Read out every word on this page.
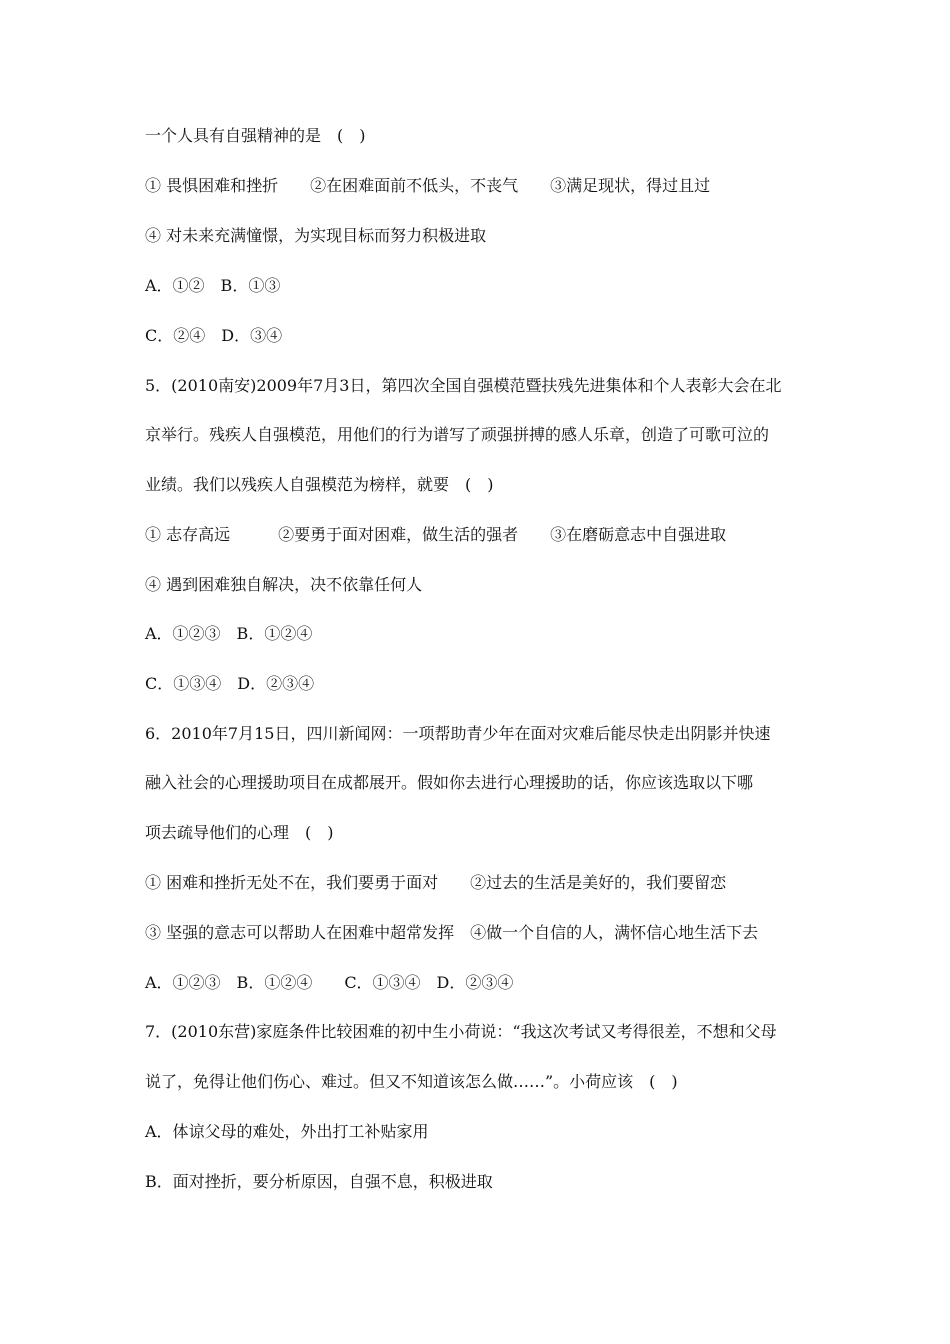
一个人具有自强精神的是　(　)
① 畏惧困难和挫折　　②在困难面前不低头，不丧气　　③满足现状，得过且过
④ 对未来充满憧憬，为实现目标而努力积极进取
A．①②　B．①③
C．②④　D．③④
5．(2010南安)2009年7月3日，第四次全国自强模范暨扶残先进集体和个人表彰大会在北
京举行。残疾人自强模范，用他们的行为谱写了顽强拼搏的感人乐章，创造了可歌可泣的
业绩。我们以残疾人自强模范为榜样，就要　(　)
① 志存高远　　　②要勇于面对困难，做生活的强者　　③在磨砺意志中自强进取
④ 遇到困难独自解决，决不依靠任何人
A．①②③　B．①②④
C．①③④　D．②③④
6．2010年7月15日，四川新闻网：一项帮助青少年在面对灾难后能尽快走出阴影并快速
融入社会的心理援助项目在成都展开。假如你去进行心理援助的话，你应该选取以下哪
项去疏导他们的心理　(　)
① 困难和挫折无处不在，我们要勇于面对　　②过去的生活是美好的，我们要留恋
③ 坚强的意志可以帮助人在困难中超常发挥　④做一个自信的人，满怀信心地生活下去
A．①②③　B．①②④　　C．①③④　D．②③④
7．(2010东营)家庭条件比较困难的初中生小荷说：“我这次考试又考得很差，不想和父母
说了，免得让他们伤心、难过。但又不知道该怎么做……”。小荷应该　(　)
A．体谅父母的难处，外出打工补贴家用
B．面对挫折，要分析原因，自强不息，积极进取
